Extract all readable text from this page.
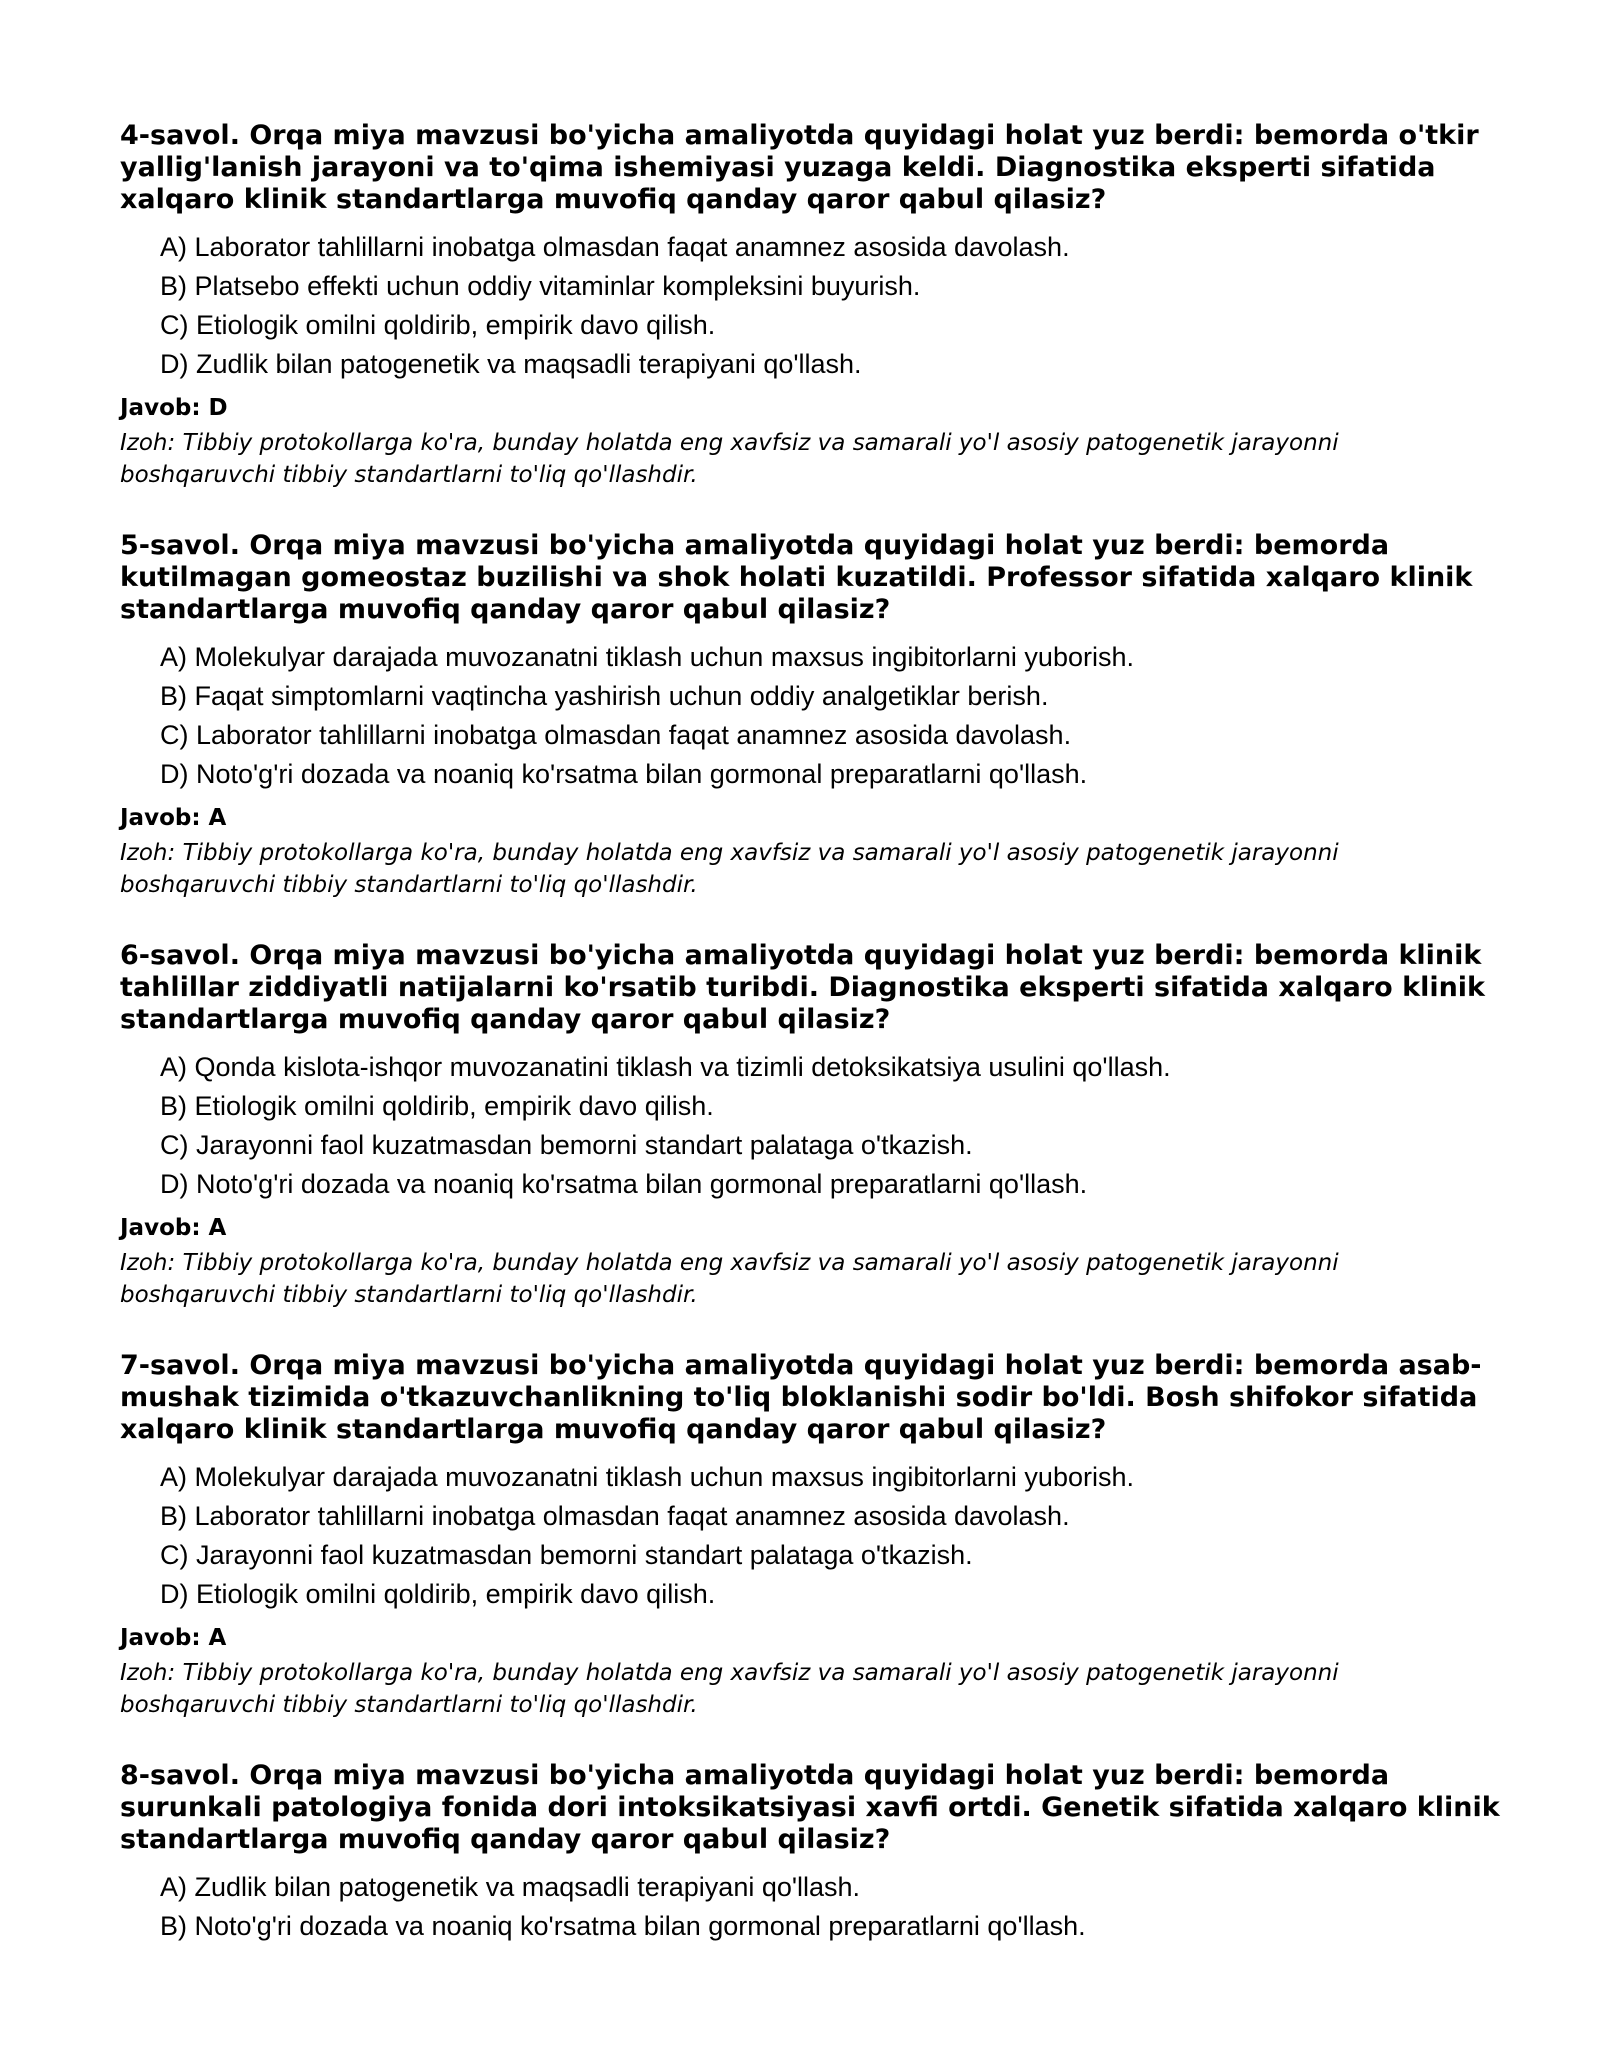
4-savol. Orqa miya mavzusi bo'yicha amaliyotda quyidagi holat yuz berdi: bemorda o'tkir yallig'lanish jarayoni va to'qima ishemiyasi yuzaga keldi. Diagnostika eksperti sifatida xalqaro klinik standartlarga muvofiq qanday qaror qabul qilasiz?

A) Laborator tahlillarni inobatga olmasdan faqat anamnez asosida davolash.
B) Platsebo effekti uchun oddiy vitaminlar kompleksini buyurish.
C) Etiologik omilni qoldirib, empirik davo qilish.
D) Zudlik bilan patogenetik va maqsadli terapiyani qo'llash.

Javob: D

Izoh: Tibbiy protokollarga ko'ra, bunday holatda eng xavfsiz va samarali yo'l asosiy patogenetik jarayonni boshqaruvchi tibbiy standartlarni to'liq qo'llashdir.

5-savol. Orqa miya mavzusi bo'yicha amaliyotda quyidagi holat yuz berdi: bemorda kutilmagan gomeostaz buzilishi va shok holati kuzatildi. Professor sifatida xalqaro klinik standartlarga muvofiq qanday qaror qabul qilasiz?

A) Molekulyar darajada muvozanatni tiklash uchun maxsus ingibitorlarni yuborish.
B) Faqat simptomlarni vaqtincha yashirish uchun oddiy analgetiklar berish.
C) Laborator tahlillarni inobatga olmasdan faqat anamnez asosida davolash.
D) Noto'g'ri dozada va noaniq ko'rsatma bilan gormonal preparatlarni qo'llash.

Javob: A

Izoh: Tibbiy protokollarga ko'ra, bunday holatda eng xavfsiz va samarali yo'l asosiy patogenetik jarayonni boshqaruvchi tibbiy standartlarni to'liq qo'llashdir.

6-savol. Orqa miya mavzusi bo'yicha amaliyotda quyidagi holat yuz berdi: bemorda klinik tahlillar ziddiyatli natijalarni ko'rsatib turibdi. Diagnostika eksperti sifatida xalqaro klinik standartlarga muvofiq qanday qaror qabul qilasiz?

A) Qonda kislota-ishqor muvozanatini tiklash va tizimli detoksikatsiya usulini qo'llash.
B) Etiologik omilni qoldirib, empirik davo qilish.
C) Jarayonni faol kuzatmasdan bemorni standart palataga o'tkazish.
D) Noto'g'ri dozada va noaniq ko'rsatma bilan gormonal preparatlarni qo'llash.

Javob: A

Izoh: Tibbiy protokollarga ko'ra, bunday holatda eng xavfsiz va samarali yo'l asosiy patogenetik jarayonni boshqaruvchi tibbiy standartlarni to'liq qo'llashdir.

7-savol. Orqa miya mavzusi bo'yicha amaliyotda quyidagi holat yuz berdi: bemorda asab-mushak tizimida o'tkazuvchanlikning to'liq bloklanishi sodir bo'ldi. Bosh shifokor sifatida xalqaro klinik standartlarga muvofiq qanday qaror qabul qilasiz?

A) Molekulyar darajada muvozanatni tiklash uchun maxsus ingibitorlarni yuborish.
B) Laborator tahlillarni inobatga olmasdan faqat anamnez asosida davolash.
C) Jarayonni faol kuzatmasdan bemorni standart palataga o'tkazish.
D) Etiologik omilni qoldirib, empirik davo qilish.

Javob: A

Izoh: Tibbiy protokollarga ko'ra, bunday holatda eng xavfsiz va samarali yo'l asosiy patogenetik jarayonni boshqaruvchi tibbiy standartlarni to'liq qo'llashdir.

8-savol. Orqa miya mavzusi bo'yicha amaliyotda quyidagi holat yuz berdi: bemorda surunkali patologiya fonida dori intoksikatsiyasi xavfi ortdi. Genetik sifatida xalqaro klinik standartlarga muvofiq qanday qaror qabul qilasiz?

A) Zudlik bilan patogenetik va maqsadli terapiyani qo'llash.
B) Noto'g'ri dozada va noaniq ko'rsatma bilan gormonal preparatlarni qo'llash.
